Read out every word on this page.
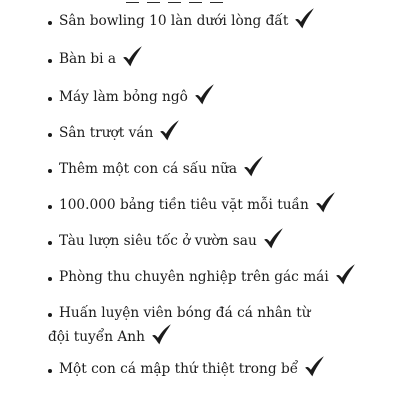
Sân bowling 10 làn dưới lòng đất
Bàn bi a
Máy làm bỏng ngô
Sân trượt ván
Thêm một con cá sấu nữa
100.000 bảng tiền tiêu vặt mỗi tuần
Tàu lượn siêu tốc ở vườn sau
Phòng thu chuyên nghiệp trên gác mái
Huấn luyện viên bóng đá cá nhân từ
đội tuyển Anh
Một con cá mập thứ thiệt trong bể
